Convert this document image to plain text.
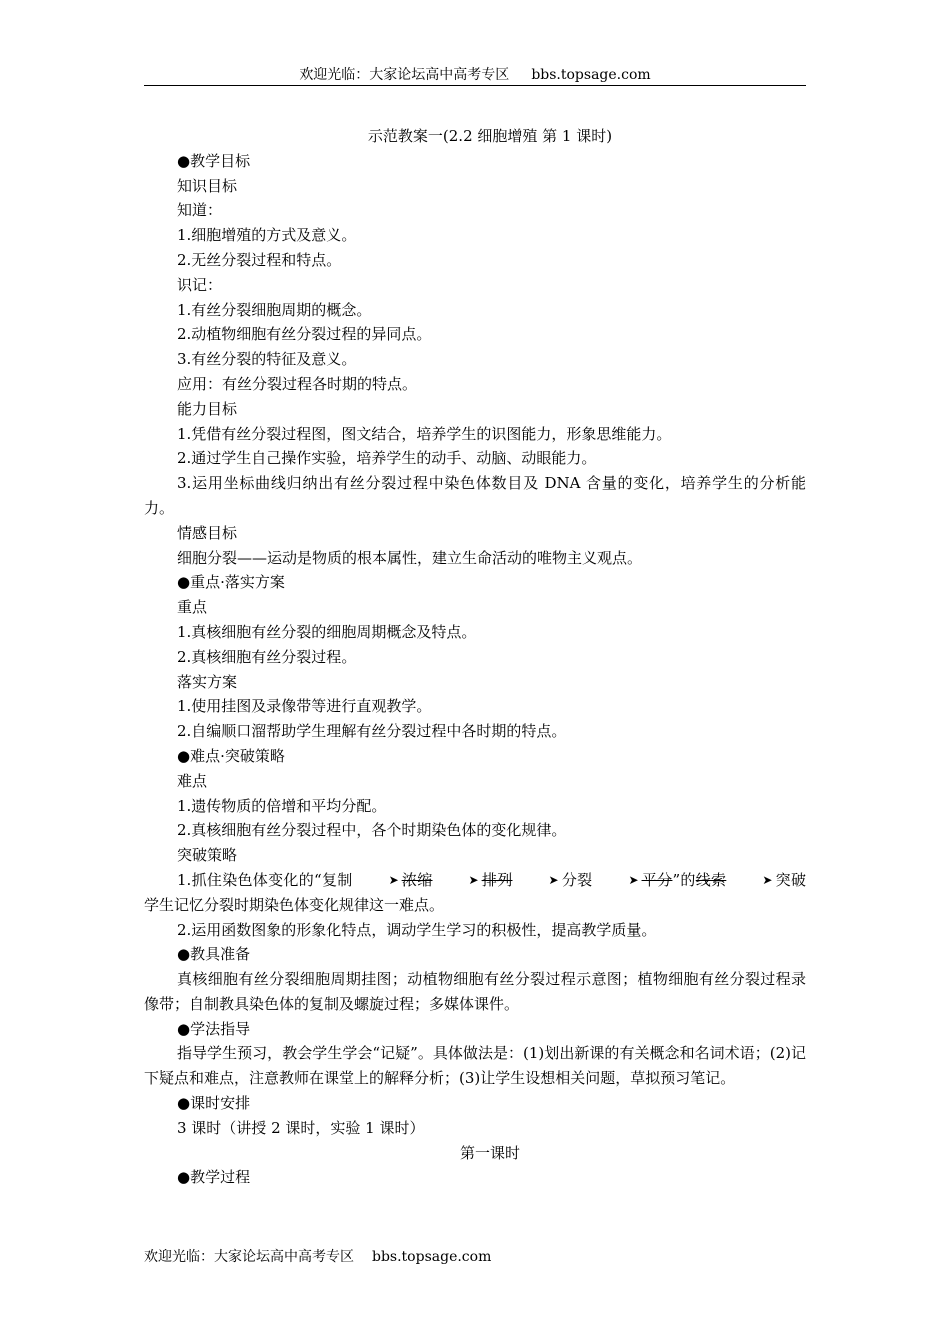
欢迎光临：大家论坛高中高考专区 bbs.topsage.com

示范教案一(2.2 细胞增殖 第 1 课时)

●教学目标

知识目标

知道：

1.细胞增殖的方式及意义。

2.无丝分裂过程和特点。

识记：

1.有丝分裂细胞周期的概念。

2.动植物细胞有丝分裂过程的异同点。

3.有丝分裂的特征及意义。

应用：有丝分裂过程各时期的特点。

能力目标

1.凭借有丝分裂过程图，图文结合，培养学生的识图能力，形象思维能力。

2.通过学生自己操作实验，培养学生的动手、动脑、动眼能力。

3.运用坐标曲线归纳出有丝分裂过程中染色体数目及 DNA 含量的变化，培养学生的分析能力。

情感目标

细胞分裂——运动是物质的根本属性，建立生命活动的唯物主义观点。

●重点·落实方案

重点

1.真核细胞有丝分裂的细胞周期概念及特点。

2.真核细胞有丝分裂过程。

落实方案

1.使用挂图及录像带等进行直观教学。

2.自编顺口溜帮助学生理解有丝分裂过程中各时期的特点。

●难点·突破策略

难点

1.遗传物质的倍增和平均分配。

2.真核细胞有丝分裂过程中，各个时期染色体的变化规律。

突破策略

1.抓住染色体变化的“复制	➤ 浓缩	➤ 排列	➤ 分裂	➤ 平分”的线索	➤ 突破学生记忆分裂时期染色体变化规律这一难点。

2.运用函数图象的形象化特点，调动学生学习的积极性，提高教学质量。

●教具准备

真核细胞有丝分裂细胞周期挂图；动植物细胞有丝分裂过程示意图；植物细胞有丝分裂过程录像带；自制教具染色体的复制及螺旋过程；多媒体课件。

●学法指导

指导学生预习，教会学生学会“记疑”。具体做法是：(1)划出新课的有关概念和名词术语；(2)记下疑点和难点，注意教师在课堂上的解释分析；(3)让学生设想相关问题，草拟预习笔记。

●课时安排

3 课时（讲授 2 课时，实验 1 课时）

第一课时

●教学过程

欢迎光临：大家论坛高中高考专区 bbs.topsage.com
